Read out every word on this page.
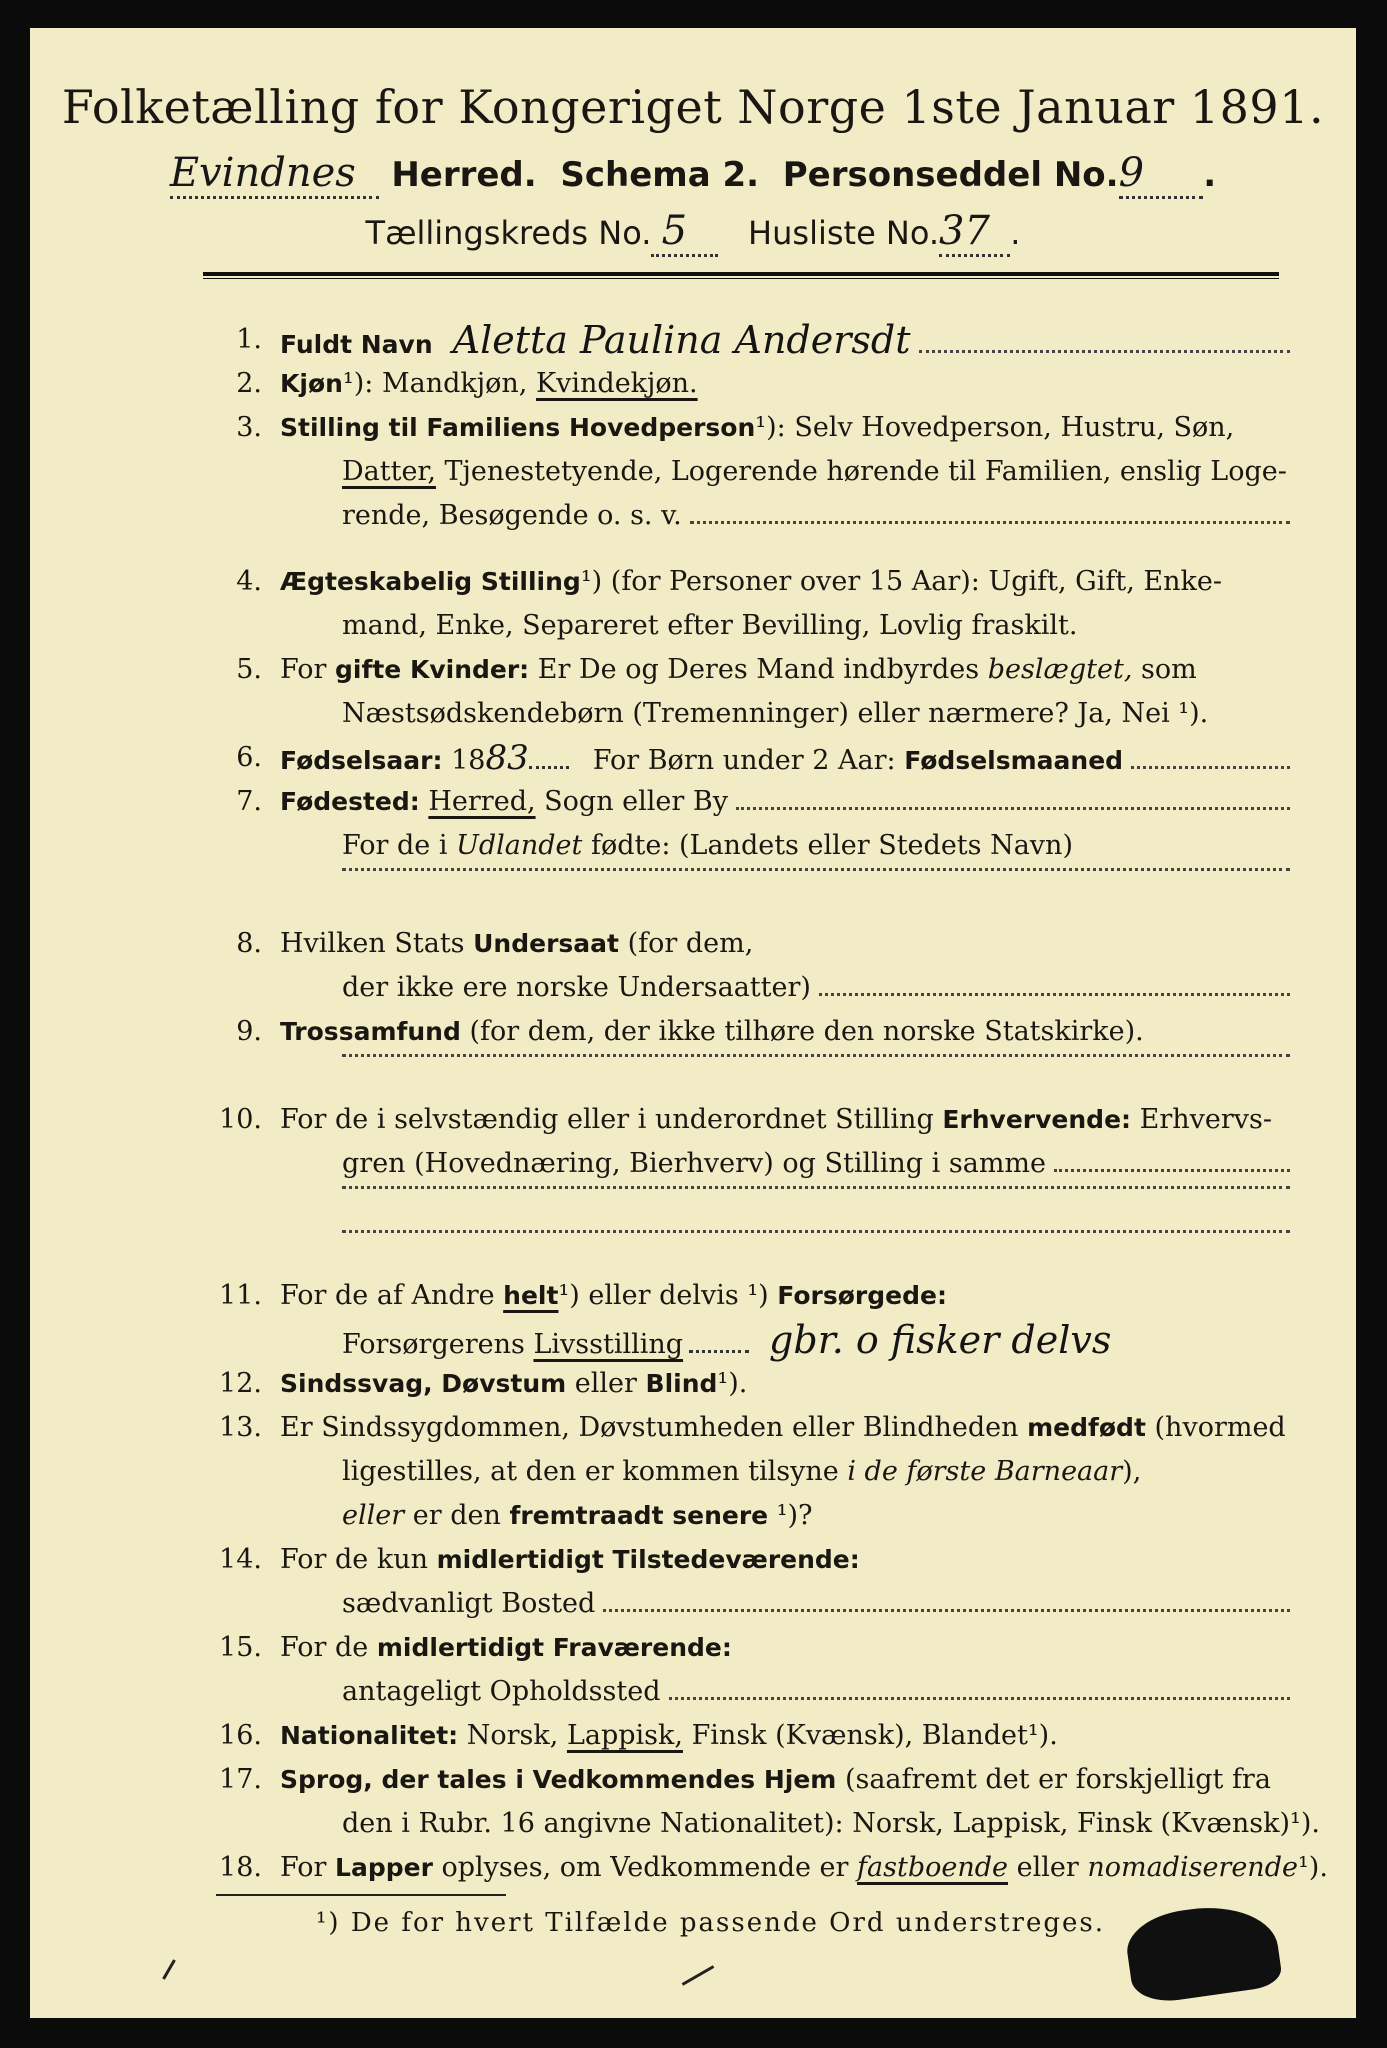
Folketælling for Kongeriget Norge 1ste Januar 1891.
Evindnes Herred. Schema 2. Personseddel No.9 .
Tællingskreds No. 5 Husliste No.37 .
1. Fuldt Navn Aletta Paulina Andersdt
2. Kjøn ¹):
Mandkjøn,
Kvindekjøn.
3. Stilling til Familiens Hovedperson ¹):
Selv Hovedperson, Hustru, Søn,
Datter,
Tjenestetyende, Logerende hørende til Familien, enslig Loge-
rende, Besøgende o. s. v.
4. Ægteskabelig Stilling ¹)
(for Personer over 15 Aar): Ugift, Gift, Enke-
mand, Enke, Separeret efter Bevilling, Lovlig fraskilt.
5. For
gifte Kvinder:
Er De og Deres Mand indbyrdes
beslægtet,
som
Næstsødskendebørn (Tremenninger) eller nærmere? Ja, Nei ¹).
6. Fødselsaar:
18 83 For Børn under 2 Aar:
Fødselsmaaned
7. Fødested:
Herred,
Sogn eller By
For de i
Udlandet
fødte: (Landets eller Stedets Navn)
8. Hvilken Stats
Undersaat
(for dem,
der ikke ere norske Undersaatter)
9. Trossamfund
(for dem, der ikke tilhøre den norske Statskirke).
10. For de i selvstændig eller i underordnet Stilling
Erhvervende:
Erhvervs-
gren (Hovednæring, Bierhverv) og Stilling i samme
11. For de af Andre
helt ¹) eller delvis ¹)
Forsørgede:
Forsørgerens
Livsstilling gbr. o fisker delvs
12. Sindssvag, Døvstum
eller
Blind ¹).
13. Er Sindssygdommen, Døvstumheden eller Blindheden
medfødt
(hvormed
ligestilles, at den er kommen tilsyne
i de første Barneaar ),
eller
er den
fremtraadt senere
¹)?
14. For de kun
midlertidigt Tilstedeværende:
sædvanligt Bosted
15. For de
midlertidigt Fraværende:
antageligt Opholdssted
16. Nationalitet:
Norsk,
Lappisk,
Finsk (Kvænsk), Blandet¹).
17. Sprog, der tales i Vedkommendes Hjem
(saafremt det er forskjelligt fra
den i Rubr. 16 angivne Nationalitet): Norsk, Lappisk, Finsk (Kvænsk)¹).
18. For
Lapper
oplyses, om Vedkommende er
fastboende
eller
nomadiserende ¹).
¹) De for hvert Tilfælde passende Ord understreges.
